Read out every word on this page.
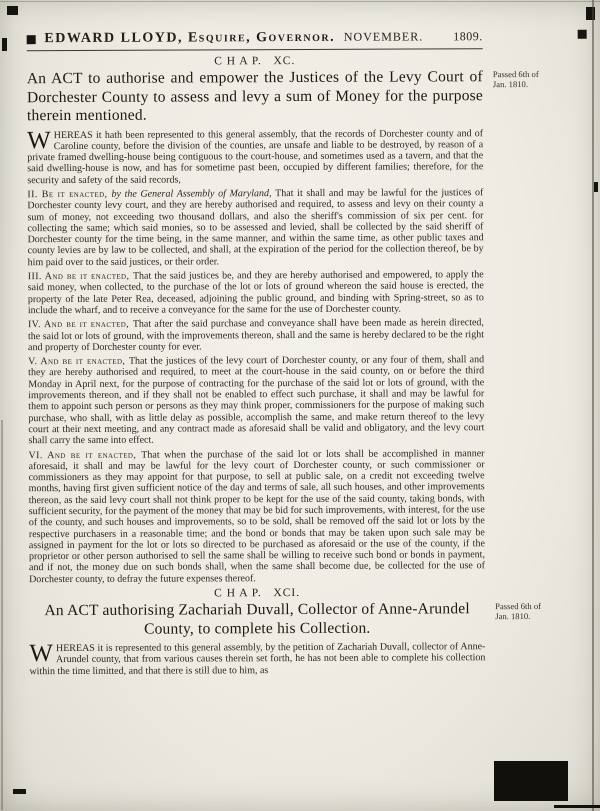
EDWARD LLOYD, Esquire, Governor. NOVEMBER. 1809.
C H A P.   XC.
An ACT to authorise and empower the Justices of the Levy Court of Dorchester County to assess and levy a sum of Money for the purpose therein mentioned.
Passed 6th of
Jan. 1810.

WHEREAS it hath been represented to this general assembly, that the records of Dorchester county and of Caroline county, before the division of the counties, are unsafe and liable to be destroyed, by reason of a private framed dwelling-house being contiguous to the court-house, and sometimes used as a tavern, and that the said dwelling-house is now, and has for sometime past been, occupied by different families; therefore, for the security and safety of the said records,

II. Be it enacted, by the General Assembly of Maryland, That it shall and may be lawful for the justices of Dorchester county levy court, and they are hereby authorised and required, to assess and levy on their county a sum of money, not exceeding two thousand dollars, and also the sheriff's commission of six per cent. for collecting the same; which said monies, so to be assessed and levied, shall be collected by the said sheriff of Dorchester county for the time being, in the same manner, and within the same time, as other public taxes and county levies are by law to be collected, and shall, at the expiration of the period for the collection thereof, be by him paid over to the said justices, or their order.

III. And be it enacted, That the said justices be, and they are hereby authorised and empowered, to apply the said money, when collected, to the purchase of the lot or lots of ground whereon the said house is erected, the property of the late Peter Rea, deceased, adjoining the public ground, and binding with Spring-street, so as to include the wharf, and to receive a conveyance for the same for the use of Dorchester county.

IV. And be it enacted, That after the said purchase and conveyance shall have been made as herein directed, the said lot or lots of ground, with the improvements thereon, shall and the same is hereby declared to be the right and property of Dorchester county for ever.

V. And be it enacted, That the justices of the levy court of Dorchester county, or any four of them, shall and they are hereby authorised and required, to meet at the court-house in the said county, on or before the third Monday in April next, for the purpose of contracting for the purchase of the said lot or lots of ground, with the improvements thereon, and if they shall not be enabled to effect such purchase, it shall and may be lawful for them to appoint such person or persons as they may think proper, commissioners for the purpose of making such purchase, who shall, with as little delay as possible, accomplish the same, and make return thereof to the levy court at their next meeting, and any contract made as aforesaid shall be valid and obligatory, and the levy court shall carry the same into effect.

VI. And be it enacted, That when the purchase of the said lot or lots shall be accomplished in manner aforesaid, it shall and may be lawful for the levy court of Dorchester county, or such commissioner or commissioners as they may appoint for that purpose, to sell at public sale, on a credit not exceeding twelve months, having first given sufficient notice of the day and terms of sale, all such houses, and other improvements thereon, as the said levy court shall not think proper to be kept for the use of the said county, taking bonds, with sufficient security, for the payment of the money that may be bid for such improvements, with interest, for the use of the county, and such houses and improvements, so to be sold, shall be removed off the said lot or lots by the respective purchasers in a reasonable time; and the bond or bonds that may be taken upon such sale may be assigned in payment for the lot or lots so directed to be purchased as aforesaid or the use of the county, if the proprietor or other person authorised to sell the same shall be willing to receive such bond or bonds in payment, and if not, the money due on such bonds shall, when the same shall become due, be collected for the use of Dorchester county, to defray the future expenses thereof.

C H A P.   XCI.
An ACT authorising Zachariah Duvall, Collector of Anne-Arundel County, to complete his Collection.
Passed 6th of
Jan. 1810.

WHEREAS it is represented to this general assembly, by the petition of Zachariah Duvall, collector of Anne-Arundel county, that from various causes therein set forth, he has not been able to complete his collection within the time limitted, and that there is still due to him, as
